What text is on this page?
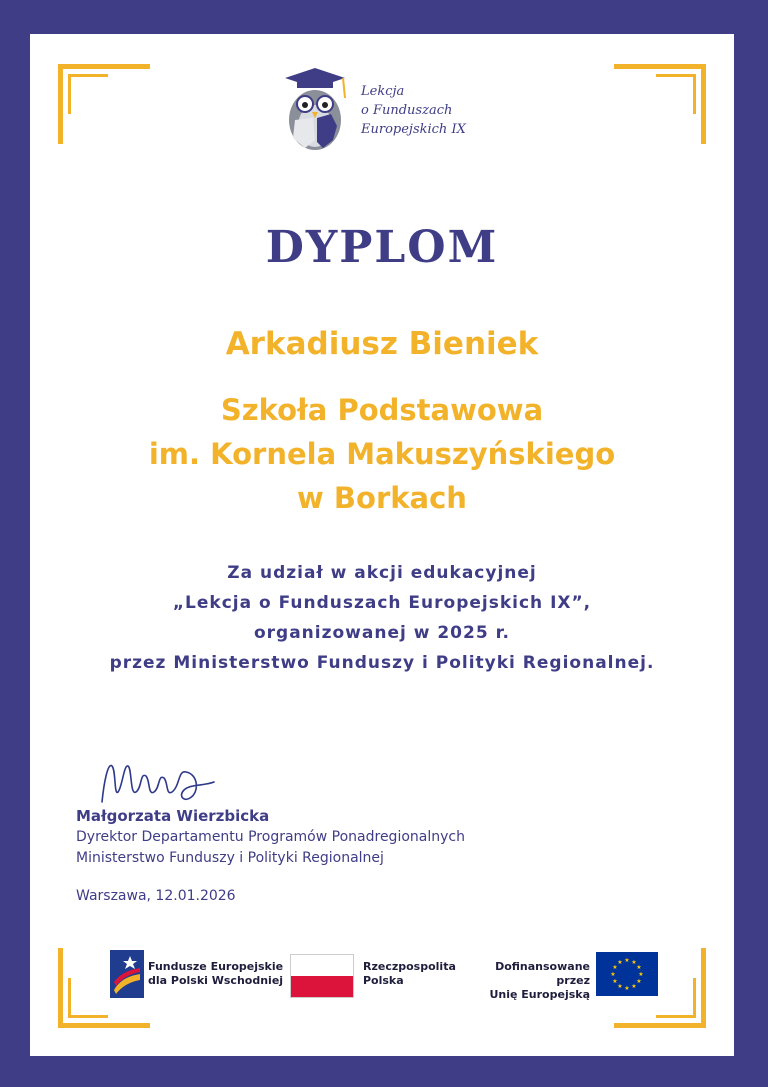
Lekcja
o Funduszach
Europejskich IX
DYPLOM
Arkadiusz Bieniek
Szkoła Podstawowa
im. Kornela Makuszyńskiego
w Borkach
Za udział w akcji edukacyjnej
„Lekcja o Funduszach Europejskich IX”,
organizowanej w 2025 r.
przez Ministerstwo Funduszy i Polityki Regionalnej.
Małgorzata Wierzbicka
Dyrektor Departamentu Programów Ponadregionalnych
Ministerstwo Funduszy i Polityki Regionalnej
Warszawa, 12.01.2026
Fundusze Europejskie
dla Polski Wschodniej
Rzeczpospolita
Polska
Dofinansowane przez
Unię Europejską
★ ★
★
★
★
★
★
★
★
★
★
★
